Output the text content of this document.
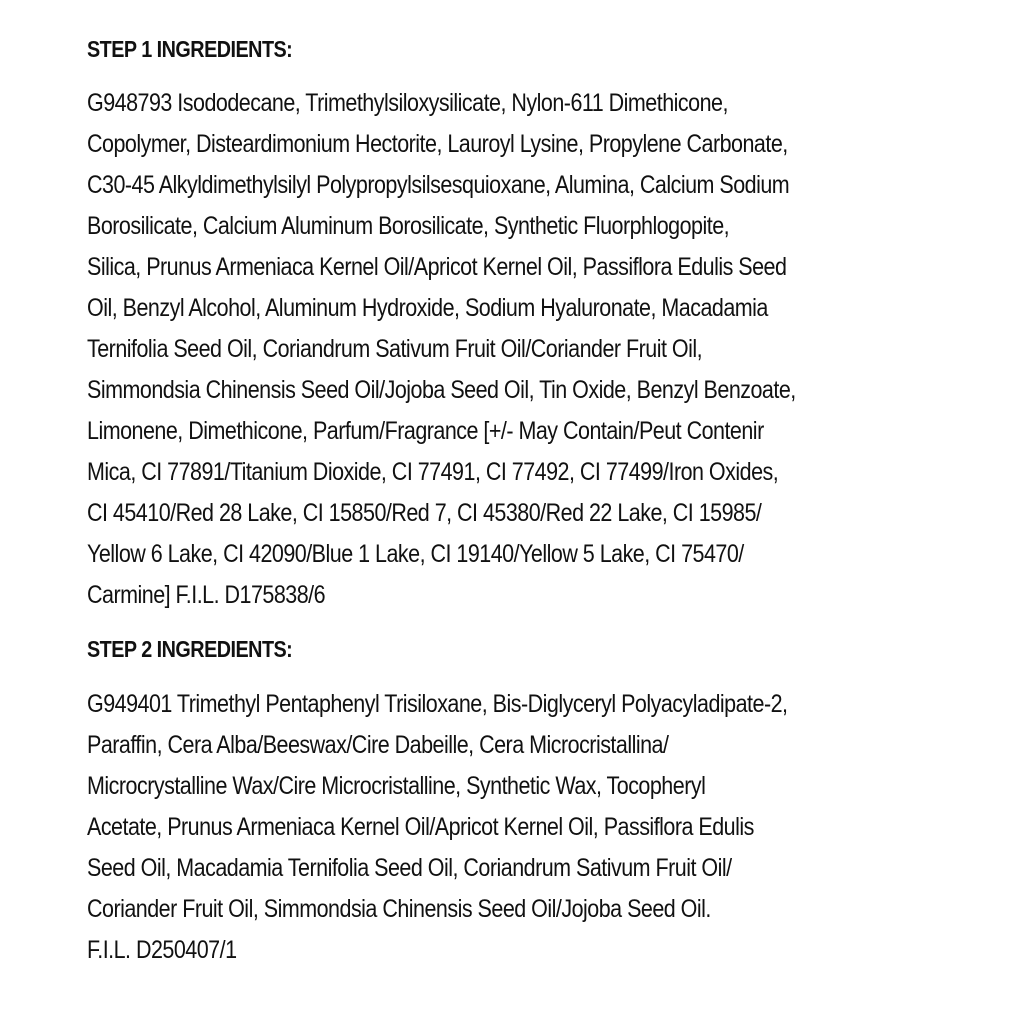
STEP 1 INGREDIENTS:
G948793 Isododecane, Trimethylsiloxysilicate, Nylon-611 Dimethicone,
Copolymer, Disteardimonium Hectorite, Lauroyl Lysine, Propylene Carbonate,
C30-45 Alkyldimethylsilyl Polypropylsilsesquioxane, Alumina, Calcium Sodium
Borosilicate, Calcium Aluminum Borosilicate, Synthetic Fluorphlogopite,
Silica, Prunus Armeniaca Kernel Oil/Apricot Kernel Oil, Passiflora Edulis Seed
Oil, Benzyl Alcohol, Aluminum Hydroxide, Sodium Hyaluronate, Macadamia
Ternifolia Seed Oil, Coriandrum Sativum Fruit Oil/Coriander Fruit Oil,
Simmondsia Chinensis Seed Oil/Jojoba Seed Oil, Tin Oxide, Benzyl Benzoate,
Limonene, Dimethicone, Parfum/Fragrance [+/- May Contain/Peut Contenir
Mica, CI 77891/Titanium Dioxide, CI 77491, CI 77492, CI 77499/Iron Oxides,
CI 45410/Red 28 Lake, CI 15850/Red 7, CI 45380/Red 22 Lake, CI 15985/
Yellow 6 Lake, CI 42090/Blue 1 Lake, CI 19140/Yellow 5 Lake, CI 75470/
Carmine] F.I.L. D175838/6
STEP 2 INGREDIENTS:
G949401 Trimethyl Pentaphenyl Trisiloxane, Bis-Diglyceryl Polyacyladipate-2,
Paraffin, Cera Alba/Beeswax/Cire Dabeille, Cera Microcristallina/
Microcrystalline Wax/Cire Microcristalline, Synthetic Wax, Tocopheryl
Acetate, Prunus Armeniaca Kernel Oil/Apricot Kernel Oil, Passiflora Edulis
Seed Oil, Macadamia Ternifolia Seed Oil, Coriandrum Sativum Fruit Oil/
Coriander Fruit Oil, Simmondsia Chinensis Seed Oil/Jojoba Seed Oil.
F.I.L. D250407/1
